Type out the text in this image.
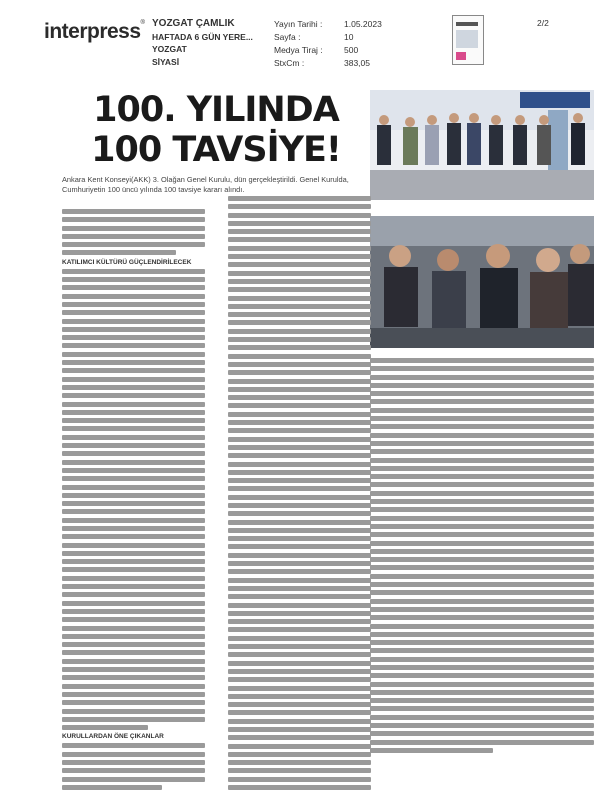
interpress® YOZGAT ÇAMLIK
HAFTADA 6 GÜN YERE...
YOZGAT
SİYASİ
Yayın Tarihi :	1.05.2023
Sayfa :	10
Medya Tiraj :	500
StxCm :	383,05
2/2
100. YILINDA
100 TAVSİYE!
Ankara Kent Konseyi(AKK) 3. Olağan Genel Kurulu, dün gerçekleştirildi. Genel Kurulda, Cumhuriyetin 100 üncü yılında 100 tavsiye kararı alındı.
KATILIMCI KÜLTÜRÜ GÜÇLENDİRİLECEK
KURULLARDAN ÖNE ÇIKANLAR
